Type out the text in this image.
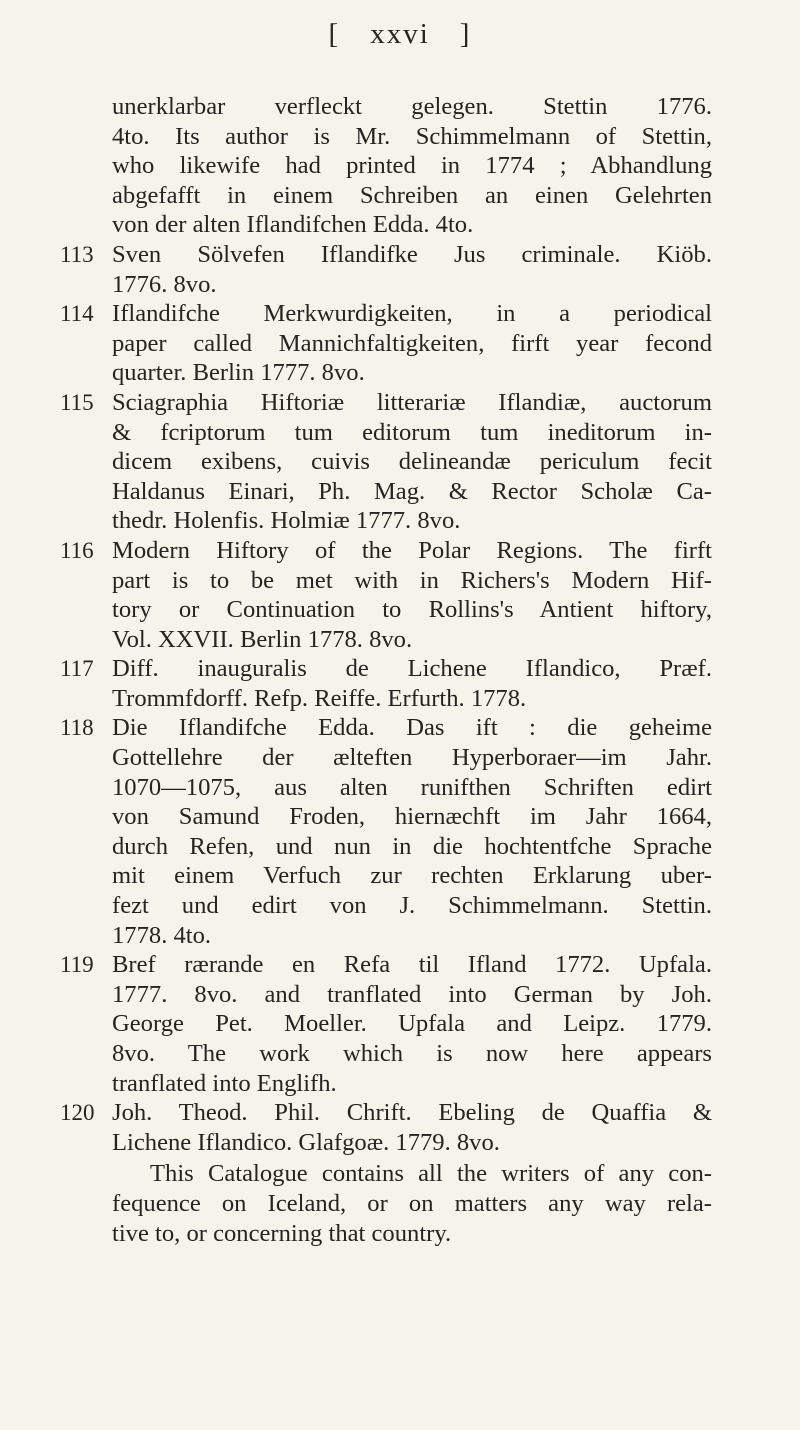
[ xxvi ]
unerklarbar verfleckt gelegen. Stettin 1776.
4to. Its author is Mr. Schimmelmann of Stettin,
who likewife had printed in 1774 ; Abhandlung
abgefafft in einem Schreiben an einen Gelehrten
von der alten Iflandifchen Edda. 4to.
113 Sven Sölvefen Iflandifke Jus criminale. Kiöb.
1776. 8vo.
114 Iflandifche Merkwurdigkeiten, in a periodical
paper called Mannichfaltigkeiten, firft year fecond
quarter. Berlin 1777. 8vo.
115 Sciagraphia Hiftoriæ litterariæ Iflandiæ, auctorum
& fcriptorum tum editorum tum ineditorum in-
dicem exibens, cuivis delineandæ periculum fecit
Haldanus Einari, Ph. Mag. & Rector Scholæ Ca-
thedr. Holenfis. Holmiæ 1777. 8vo.
116 Modern Hiftory of the Polar Regions. The firft
part is to be met with in Richers's Modern Hif-
tory or Continuation to Rollins's Antient hiftory,
Vol. XXVII. Berlin 1778. 8vo.
117 Diff. inauguralis de Lichene Iflandico, Præf.
Trommfdorff. Refp. Reiffe. Erfurth. 1778.
118 Die Iflandifche Edda. Das ift : die geheime
Gottellehre der ælteften Hyperboraer—im Jahr.
1070—1075, aus alten runifthen Schriften edirt
von Samund Froden, hiernæchft im Jahr 1664,
durch Refen, und nun in die hochtentfche Sprache
mit einem Verfuch zur rechten Erklarung uber-
fezt und edirt von J. Schimmelmann. Stettin.
1778. 4to.
119 Bref rærande en Refa til Ifland 1772. Upfala.
1777. 8vo. and tranflated into German by Joh.
George Pet. Moeller. Upfala and Leipz. 1779.
8vo. The work which is now here appears
tranflated into Englifh.
120 Joh. Theod. Phil. Chrift. Ebeling de Quaffia &
Lichene Iflandico. Glafgoæ. 1779. 8vo.
This Catalogue contains all the writers of any con-
fequence on Iceland, or on matters any way rela-
tive to, or concerning that country.
